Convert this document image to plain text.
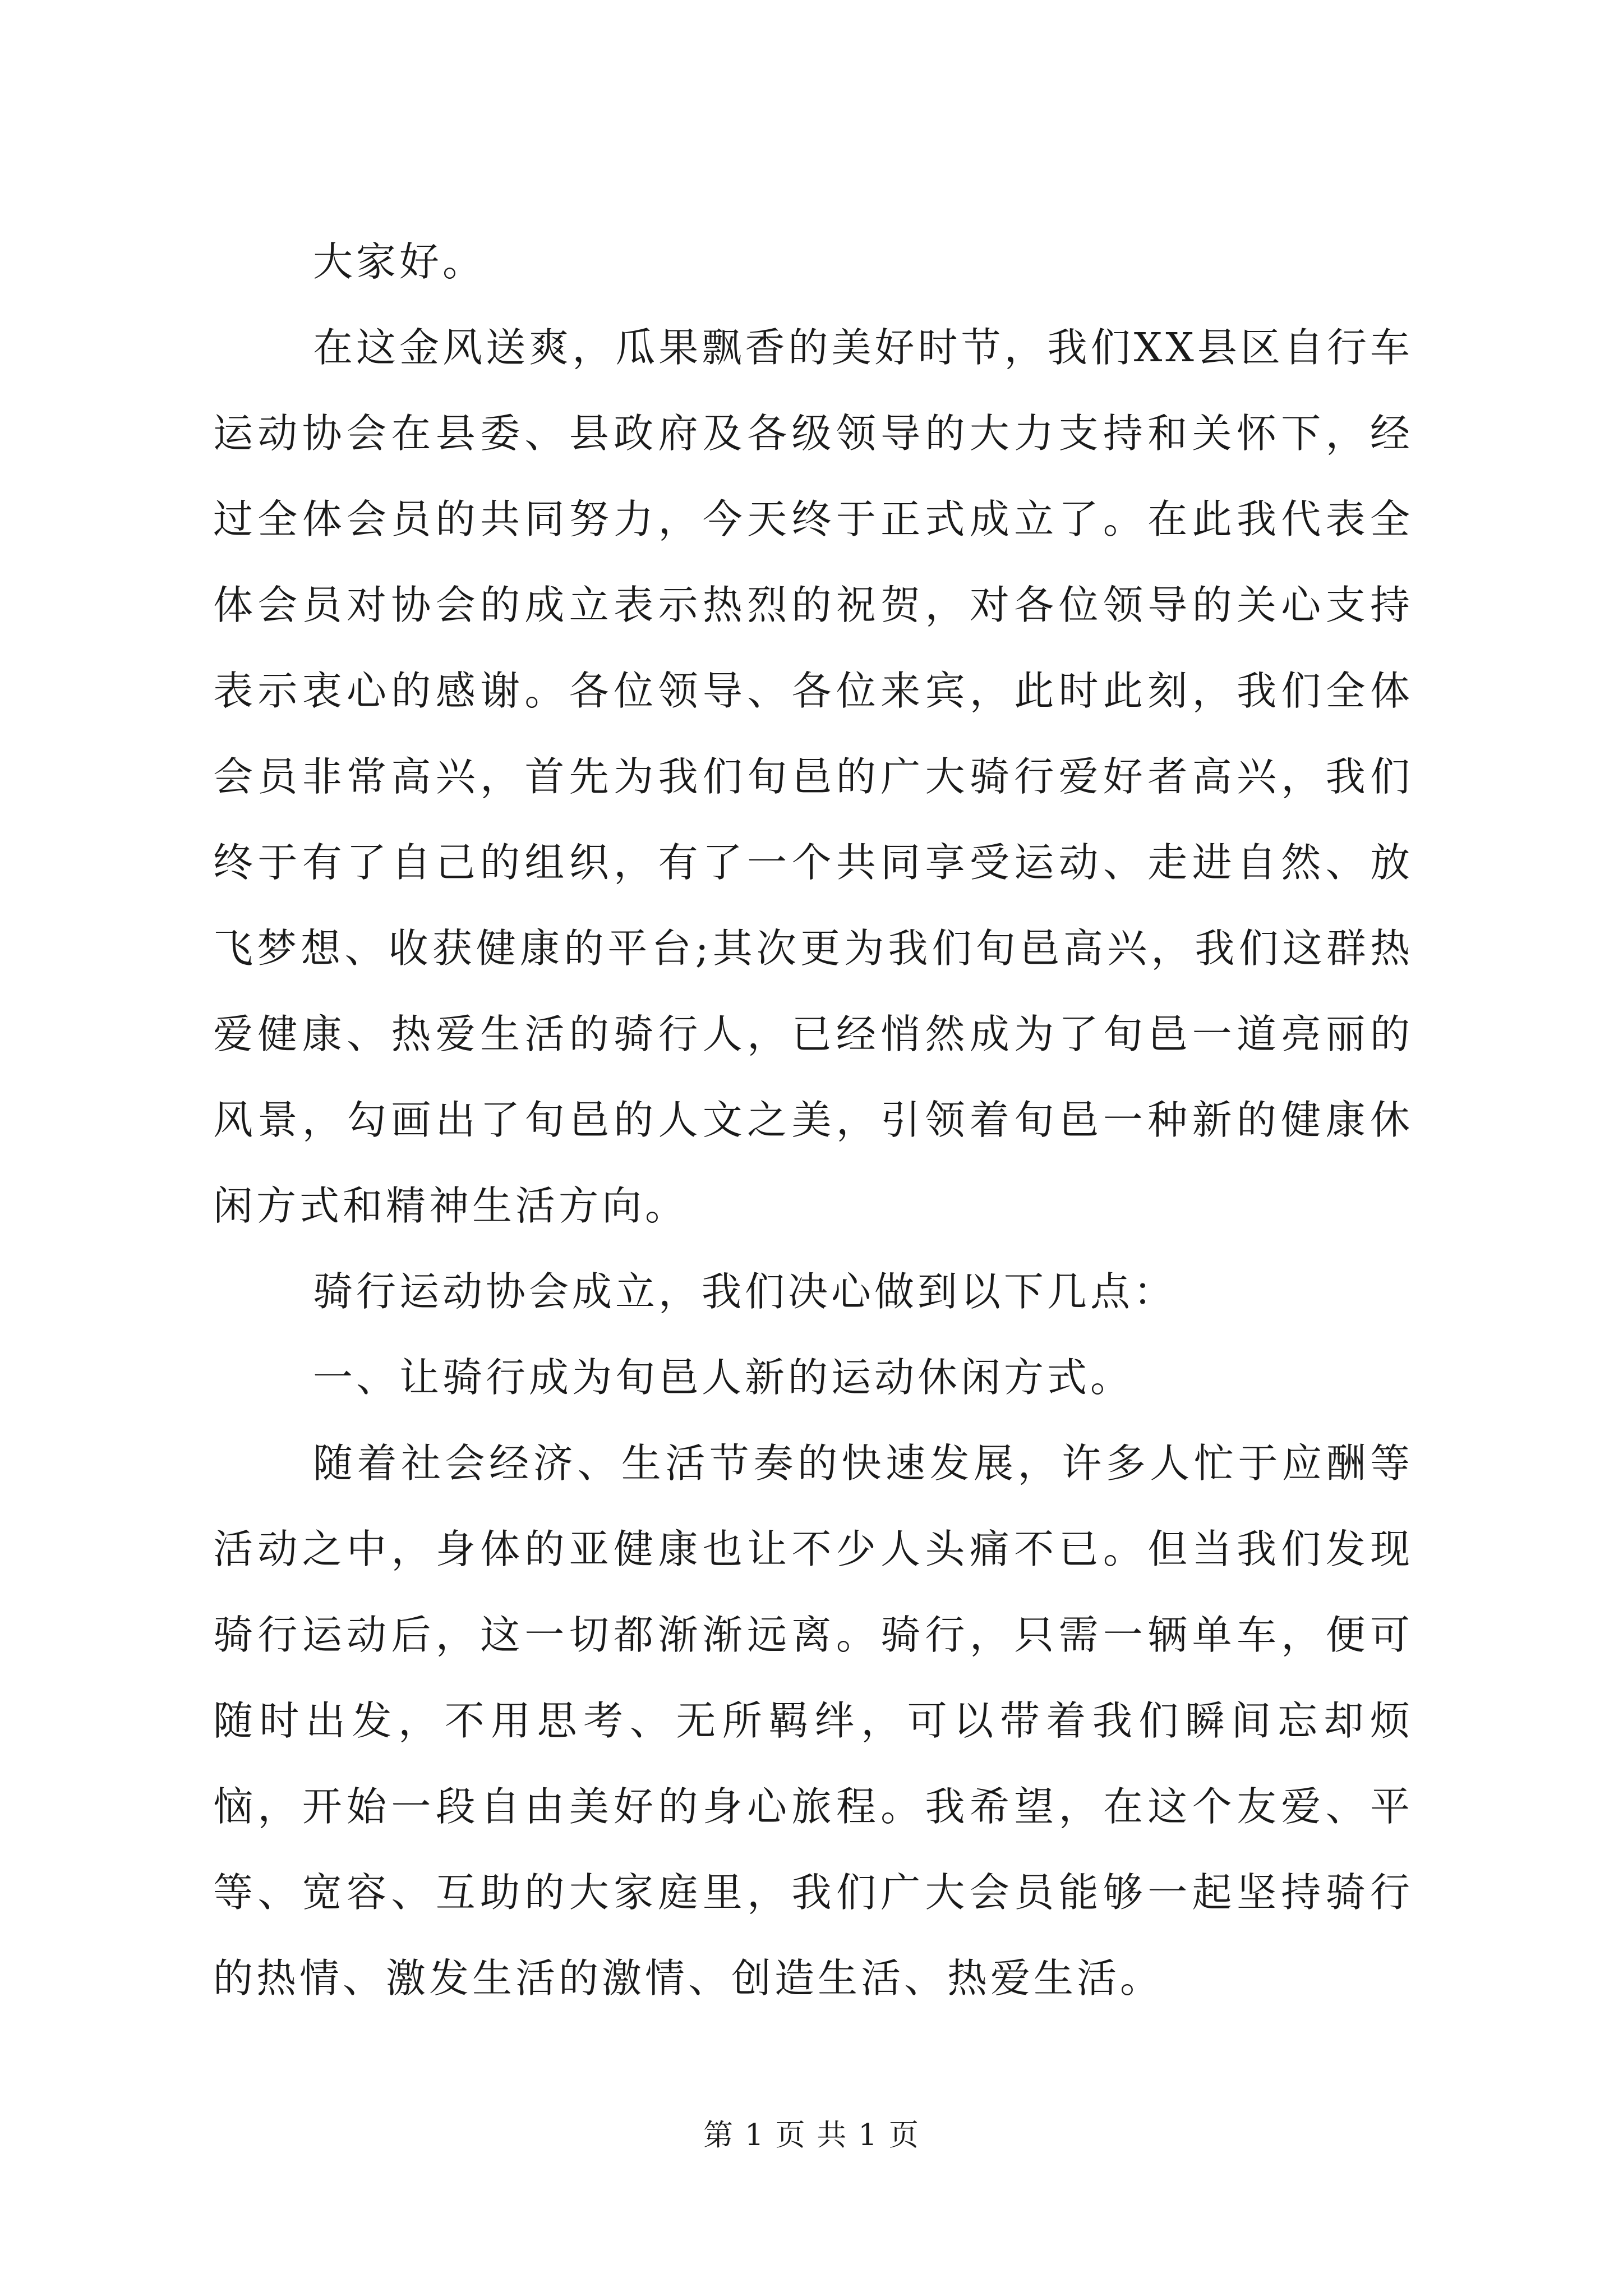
大家好。

在这金风送爽，瓜果飘香的美好时节，我们XX县区自行车运动协会在县委、县政府及各级领导的大力支持和关怀下，经过全体会员的共同努力，今天终于正式成立了。在此我代表全体会员对协会的成立表示热烈的祝贺，对各位领导的关心支持表示衷心的感谢。各位领导、各位来宾，此时此刻，我们全体会员非常高兴，首先为我们旬邑的广大骑行爱好者高兴，我们终于有了自己的组织，有了一个共同享受运动、走进自然、放飞梦想、收获健康的平台;其次更为我们旬邑高兴，我们这群热爱健康、热爱生活的骑行人，已经悄然成为了旬邑一道亮丽的风景，勾画出了旬邑的人文之美，引领着旬邑一种新的健康休闲方式和精神生活方向。

骑行运动协会成立，我们决心做到以下几点：

一、让骑行成为旬邑人新的运动休闲方式。

随着社会经济、生活节奏的快速发展，许多人忙于应酬等活动之中，身体的亚健康也让不少人头痛不已。但当我们发现骑行运动后，这一切都渐渐远离。骑行，只需一辆单车，便可随时出发，不用思考、无所羁绊，可以带着我们瞬间忘却烦恼，开始一段自由美好的身心旅程。我希望，在这个友爱、平等、宽容、互助的大家庭里，我们广大会员能够一起坚持骑行的热情、激发生活的激情、创造生活、热爱生活。

第 1 页 共 1 页
